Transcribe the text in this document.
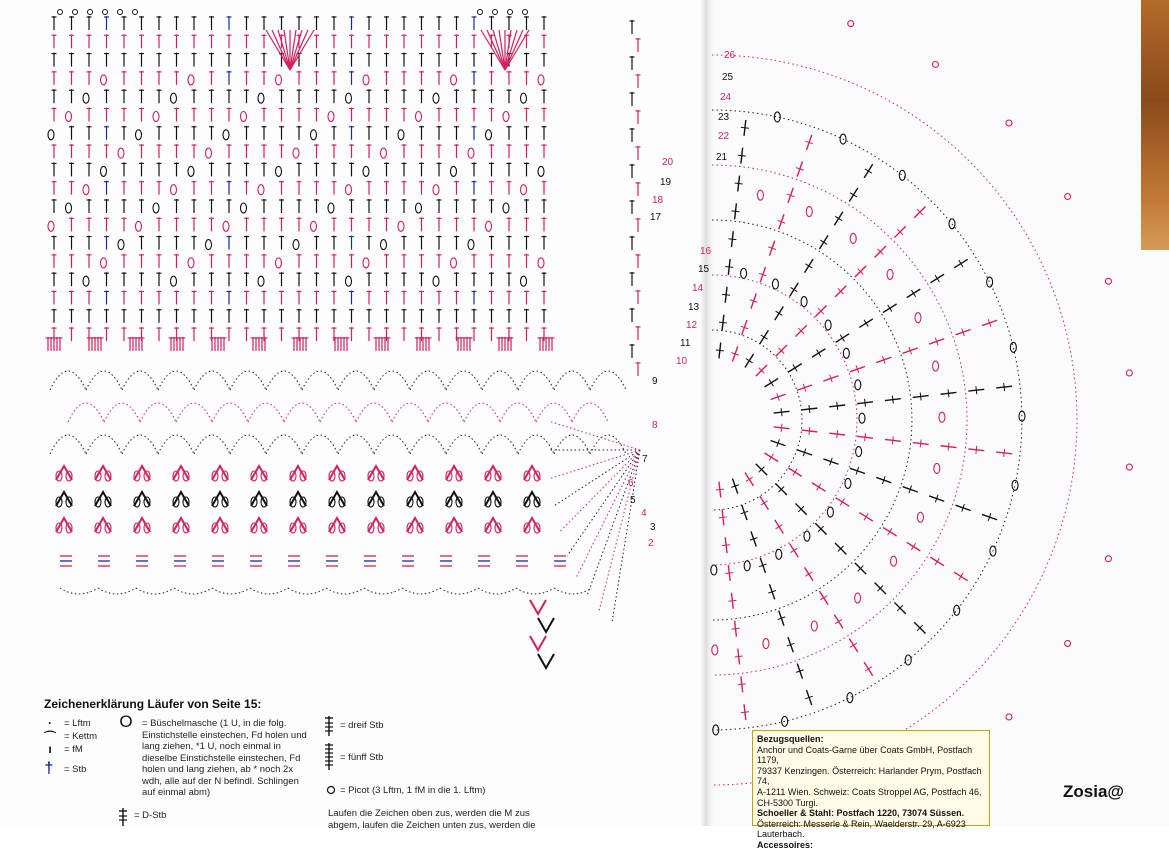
2
3
4
5
6
7
8
9
10
11
12
13
14
15
16
17
18
19
20	21
22
23
24
25
26
Zeichenerklärung Läufer von Seite 15:
·	= Lftm
⌒ = Kettm
ı	= fM
† = Stb
O = Büschelmasche (1 U, in die folg. Einstichstelle einstechen, Fd holen und lang ziehen, *1 U, noch einmal in dieselbe Einstichstelle einstechen, Fd holen und lang ziehen, ab * noch 2x wdh, alle auf der N befindl. Schlingen auf einmal abm)
= D-Stb
= dreif Stb
= fünff Stb
= Picot (3 Lftm, 1 fM in die 1. Lftm)
Laufen die Zeichen oben zus, werden die M zus abgem, laufen die Zeichen unten zus, werden die
Bezugsquellen:
Anchor und Coats-Garne über Coats GmbH, Postfach 1179,
79337 Kenzingen. Österreich: Harlander Prym, Postfach 74,
A-1211 Wien. Schweiz: Coats Stroppel AG, Postfach 46,
CH-5300 Turgi.
Schoeller & Stahl: Postfach 1220, 73074 Süssen.
Österreich: Messerle & Rein, Waelderstr. 29, A-6923 Lauterbach.
Accessoires:
Zosia@
